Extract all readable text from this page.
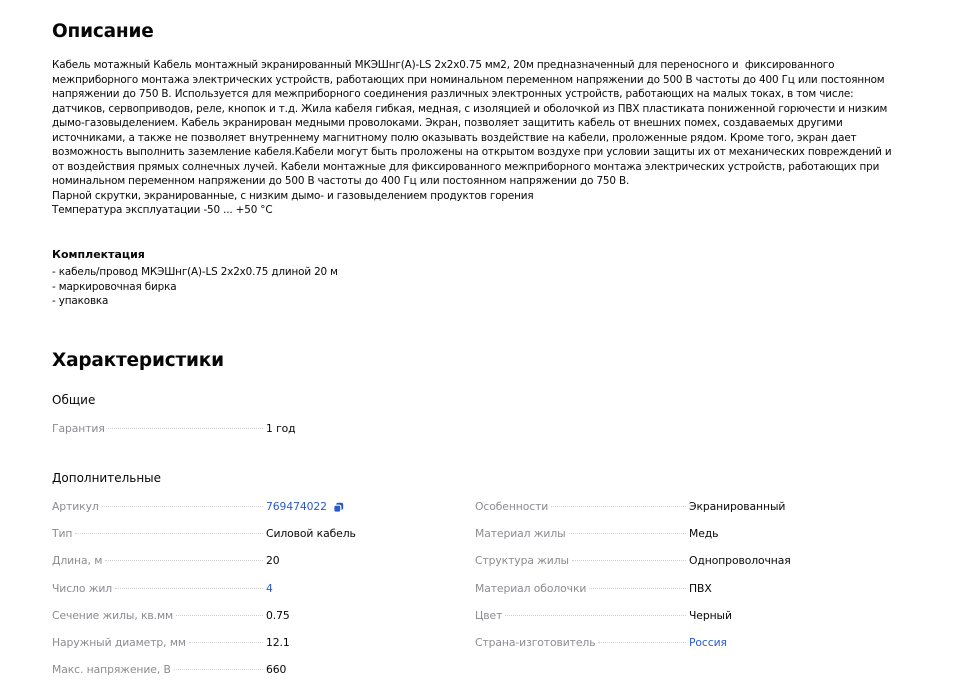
Описание

Кабель мотажный Кабель монтажный экранированный МКЭШнг(A)-LS 2х2х0.75 мм2, 20м предназначенный для переносного и  фиксированного межприборного монтажа электрических устройств, работающих при номинальном переменном напряжении до 500 В частоты до 400 Гц или постоянном напряжении до 750 В. Используется для межприборного соединения различных электронных устройств, работающих на малых токах, в том числе: датчиков, сервоприводов, реле, кнопок и т.д. Жила кабеля гибкая, медная, с изоляцией и оболочкой из ПВХ пластиката пониженной горючести и низким дымо-газовыделением. Кабель экранирован медными проволоками. Экран, позволяет защитить кабель от внешних помех, создаваемых другими источниками, а также не позволяет внутреннему магнитному полю оказывать воздействие на кабели, проложенные рядом. Кроме того, экран дает возможность выполнить заземление кабеля.Кабели могут быть проложены на открытом воздухе при условии защиты их от механических повреждений и от воздействия прямых солнечных лучей. Кабели монтажные для фиксированного межприборного монтажа электрических устройств, работающих при номинальном переменном напряжении до 500 В частоты до 400 Гц или постоянном напряжении до 750 В.

Парной скрутки, экранированные, с низким дымо- и газовыделением продуктов горения

Температура эксплуатации -50 ... +50 °C

Комплектация
- кабель/провод МКЭШнг(А)-LS 2х2х0.75 длиной 20 м
- маркировочная бирка
- упаковка
Характеристики
Общие
Гарантия	1 год
Дополнительные
Артикул	769474022
Тип	Силовой кабель
Длина, м	20
Число жил	4
Сечение жилы, кв.мм	0.75
Наружный диаметр, мм	12.1
Макс. напряжение, В	660
Особенности	Экранированный
Материал жилы	Медь
Структура жилы	Однопроволочная
Материал оболочки	ПВХ
Цвет	Черный
Страна-изготовитель	Россия
